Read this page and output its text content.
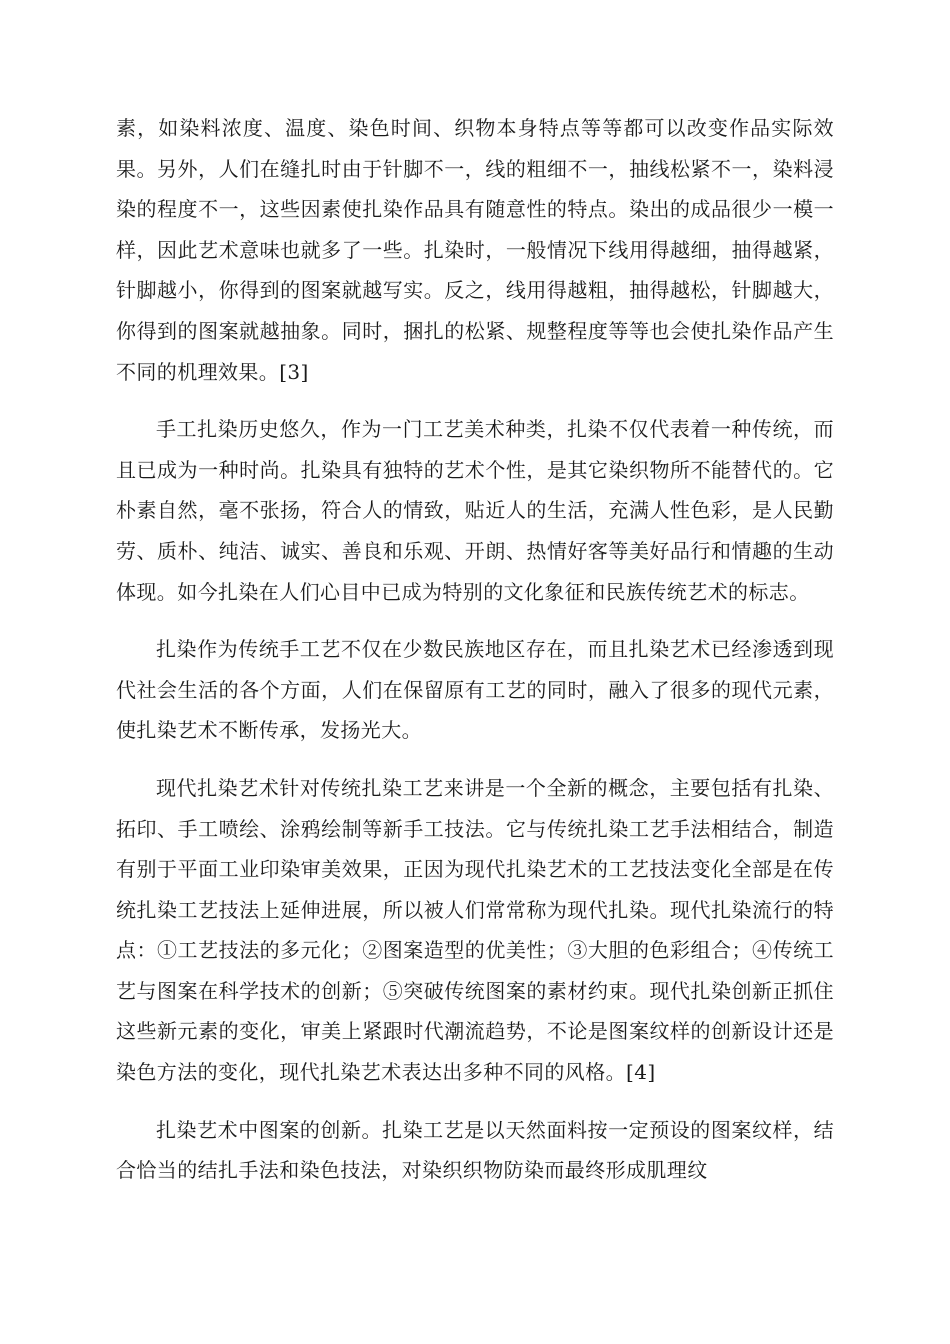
素，如染料浓度、温度、染色时间、织物本身特点等等都可以改变作品实际效果。另外，人们在缝扎时由于针脚不一，线的粗细不一，抽线松紧不一，染料浸染的程度不一，这些因素使扎染作品具有随意性的特点。染出的成品很少一模一样，因此艺术意味也就多了一些。扎染时，一般情况下线用得越细，抽得越紧，针脚越小，你得到的图案就越写实。反之，线用得越粗，抽得越松，针脚越大，你得到的图案就越抽象。同时，捆扎的松紧、规整程度等等也会使扎染作品产生不同的机理效果。[3]

手工扎染历史悠久，作为一门工艺美术种类，扎染不仅代表着一种传统，而且已成为一种时尚。扎染具有独特的艺术个性，是其它染织物所不能替代的。它朴素自然，毫不张扬，符合人的情致，贴近人的生活，充满人性色彩，是人民勤劳、质朴、纯洁、诚实、善良和乐观、开朗、热情好客等美好品行和情趣的生动体现。如今扎染在人们心目中已成为特别的文化象征和民族传统艺术的标志。

扎染作为传统手工艺不仅在少数民族地区存在，而且扎染艺术已经渗透到现代社会生活的各个方面，人们在保留原有工艺的同时，融入了很多的现代元素，使扎染艺术不断传承，发扬光大。

现代扎染艺术针对传统扎染工艺来讲是一个全新的概念，主要包括有扎染、拓印、手工喷绘、涂鸦绘制等新手工技法。它与传统扎染工艺手法相结合，制造有别于平面工业印染审美效果，正因为现代扎染艺术的工艺技法变化全部是在传统扎染工艺技法上延伸进展，所以被人们常常称为现代扎染。现代扎染流行的特点：①工艺技法的多元化；②图案造型的优美性；③大胆的色彩组合；④传统工艺与图案在科学技术的创新；⑤突破传统图案的素材约束。现代扎染创新正抓住这些新元素的变化，审美上紧跟时代潮流趋势，不论是图案纹样的创新设计还是染色方法的变化，现代扎染艺术表达出多种不同的风格。[4]

扎染艺术中图案的创新。扎染工艺是以天然面料按一定预设的图案纹样，结合恰当的结扎手法和染色技法，对染织织物防染而最终形成肌理纹
